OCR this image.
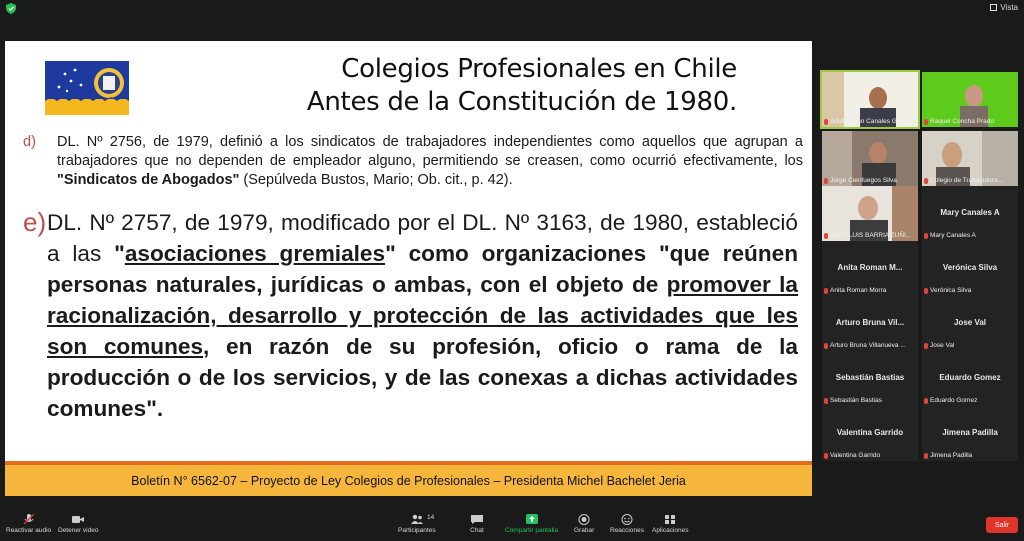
Vista
Colegios Profesionales en Chile
Antes de la Constitución de 1980.
d) DL. Nº 2756, de 1979, definió a los sindicatos de trabajadores independientes como aquellos que agrupan a trabajadores que no dependen de empleador alguno, permitiendo se creasen, como ocurrió efectivamente, los "Sindicatos de Abogados" (Sepúlveda Bustos, Mario; Ob. cit., p. 42).
e) DL. Nº 2757, de 1979, modificado por el DL. Nº 3163, de 1980, estableció a las "asociaciones gremiales" como organizaciones "que reúnen personas naturales, jurídicas o ambas, con el objeto de promover la racionalización, desarrollo y protección de las actividades que les son comunes, en razón de su profesión, oficio o rama de la producción o de los servicios, y de las conexas a dichas actividades comunes".
Boletín N° 6562-07 – Proyecto de Ley Colegios de Profesionales – Presidenta Michel Bachelet Jeria
Adolfo Juan Canales Guent... Raquel Concha Prado
Jorge Cienfuegos Silva	Colegio de Trabajadora...
JOSE LUIS BARRIA ZUÑI...
Mary Canales A
Mary Canales A
Anita Roman M...
Anita Roman Morra
Verónica Silva
Verónica Silva
Arturo Bruna Vil...
Arturo Bruna Villanueva ...
Jose Val
Jose Val
Sebastián Bastias
Sebastián Bastias
Eduardo Gomez
Eduardo Gomez
Valentina Garrido
Valentina Garrido
Jimena Padilla
Jimena Padilla
Reactivar audio Detener video	Participantes
14
Chat	Compartir pantalla Grabar Reacciones Aplicaciones
Salir
